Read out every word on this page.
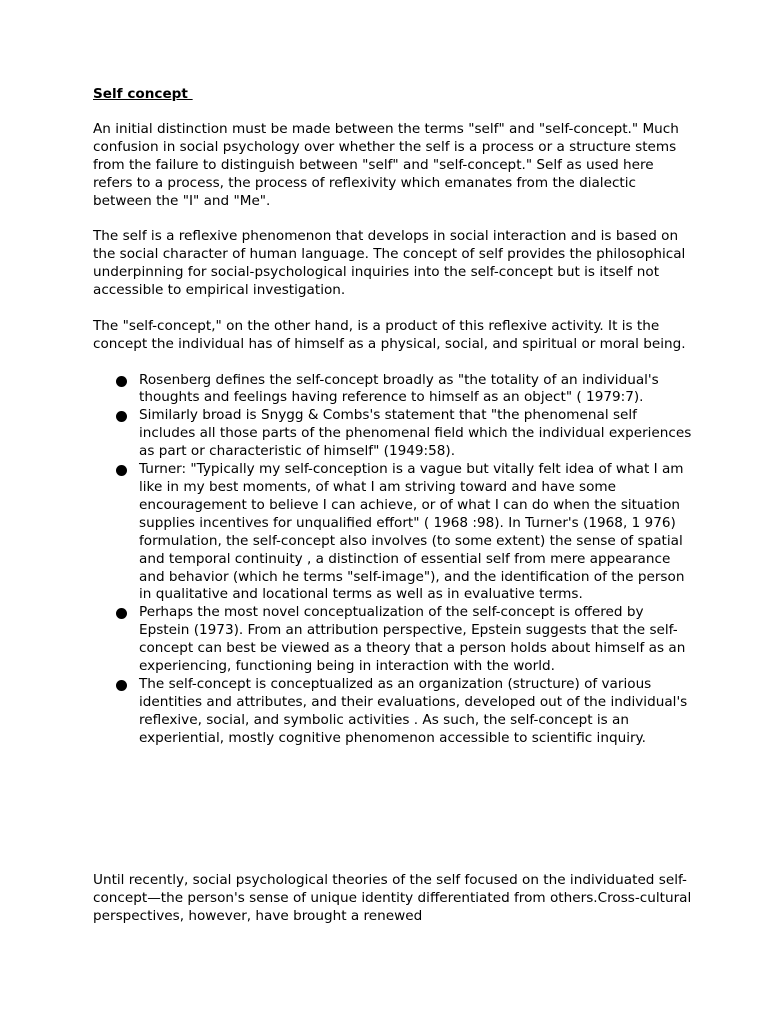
Self concept

An initial distinction must be made between the terms "self" and "self-concept." Much confusion in social psychology over whether the self is a process or a structure stems from the failure to distinguish between "self" and "self-concept." Self as used here refers to a process, the process of reflexivity which emanates from the dialectic between the "I" and "Me".

The self is a reflexive phenomenon that develops in social interaction and is based on the social character of human language. The concept of self provides the philosophical underpinning for social-psychological inquiries into the self-concept but is itself not accessible to empirical investigation.

The "self-concept," on the other hand, is a product of this reflexive activity. It is the concept the individual has of himself as a physical, social, and spiritual or moral being.

Rosenberg defines the self-concept broadly as "the totality of an individual's thoughts and feelings having reference to himself as an object" ( 1979:7).
Similarly broad is Snygg & Combs's statement that "the phenomenal self includes all those parts of the phenomenal field which the individual experiences as part or characteristic of himself" (1949:58).
Turner: "Typically my self-conception is a vague but vitally felt idea of what I am like in my best moments, of what I am striving toward and have some encouragement to believe I can achieve, or of what I can do when the situation supplies incentives for unqualified effort" ( 1968 :98). In Turner's (1968, 1 976) formulation, the self-concept also involves (to some extent) the sense of spatial and temporal continuity , a distinction of essential self from mere appearance and behavior (which he terms "self-image"), and the identification of the person in qualitative and locational terms as well as in evaluative terms.
Perhaps the most novel conceptualization of the self-concept is offered by Epstein (1973). From an attribution perspective, Epstein suggests that the self-concept can best be viewed as a theory that a person holds about himself as an experiencing, functioning being in interaction with the world.
The self-concept is conceptualized as an organization (structure) of various identities and attributes, and their evaluations, developed out of the individual's reflexive, social, and symbolic activities . As such, the self-concept is an experiential, mostly cognitive phenomenon accessible to scientific inquiry.

Until recently, social psychological theories of the self focused on the individuated self-concept—the person's sense of unique identity differentiated from others.Cross-cultural perspectives, however, have brought a renewed
